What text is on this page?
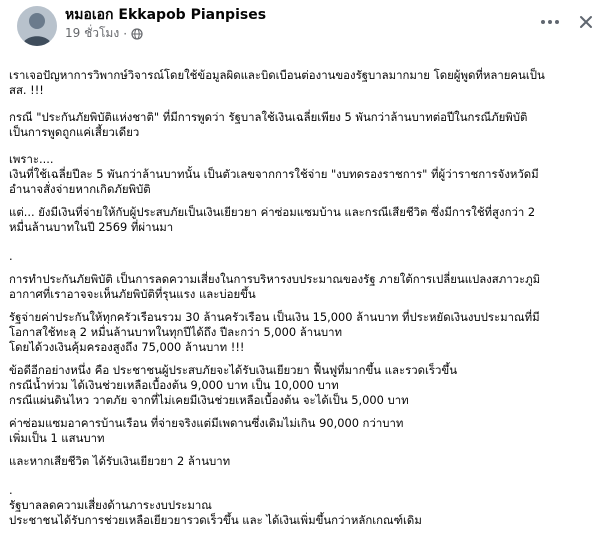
หมอเอก Ekkapob Pianpises
19 ชั่วโมง ·

เราเจอปัญหาการวิพากษ์วิจารณ์โดยใช้ข้อมูลผิดและบิดเบือนต่องานของรัฐบาลมากมาย โดยผู้พูดที่หลายคนเป็น

สส. !!!

กรณี "ประกันภัยพิบัติแห่งชาติ" ที่มีการพูดว่า รัฐบาลใช้เงินเฉลี่ยเพียง 5 พันกว่าล้านบาทต่อปีในกรณีภัยพิบัติ

เป็นการพูดถูกแค่เสี้ยวเดียว

เพราะ....

เงินที่ใช้เฉลี่ยปีละ 5 พันกว่าล้านบาทนั้น เป็นตัวเลขจากการใช้จ่าย "งบทดรองราชการ" ที่ผู้ว่าราชการจังหวัดมี

อำนาจสั่งจ่ายหากเกิดภัยพิบัติ

แต่... ยังมีเงินที่จ่ายให้กับผู้ประสบภัยเป็นเงินเยียวยา ค่าซ่อมแซมบ้าน และกรณีเสียชีวิต ซึ่งมีการใช้ที่สูงกว่า 2

หมื่นล้านบาทในปี 2569 ที่ผ่านมา

.

การทำประกันภัยพิบัติ เป็นการลดความเสี่ยงในการบริหารงบประมาณของรัฐ ภายใต้การเปลี่ยนแปลงสภาวะภูมิ

อากาศที่เราอาจจะเห็นภัยพิบัติที่รุนแรง และบ่อยขึ้น

รัฐจ่ายค่าประกันให้ทุกครัวเรือนรวม 30 ล้านครัวเรือน เป็นเงิน 15,000 ล้านบาท ที่ประหยัดเงินงบประมาณที่มี

โอกาสใช้ทะลุ 2 หมื่นล้านบาทในทุกปีได้ถึง ปีละกว่า 5,000 ล้านบาท

โดยได้วงเงินคุ้มครองสูงถึง 75,000 ล้านบาท !!!

ข้อดีอีกอย่างหนึ่ง คือ ประชาชนผู้ประสบภัยจะได้รับเงินเยียวยา ฟื้นฟูที่มากขึ้น และรวดเร็วขึ้น

กรณีน้ำท่วม ได้เงินช่วยเหลือเบื้องต้น 9,000 บาท เป็น 10,000 บาท

กรณีแผ่นดินไหว วาตภัย จากที่ไม่เคยมีเงินช่วยเหลือเบื้องต้น จะได้เป็น 5,000 บาท

ค่าซ่อมแซมอาคารบ้านเรือน ที่จ่ายจริงแต่มีเพดานซึ่งเดิมไม่เกิน 90,000 กว่าบาท

เพิ่มเป็น 1 แสนบาท

และหากเสียชีวิต ได้รับเงินเยียวยา 2 ล้านบาท

.

รัฐบาลลดความเสี่ยงด้านภาระงบประมาณ

ประชาชนได้รับการช่วยเหลือเยียวยารวดเร็วขึ้น และ ได้เงินเพิ่มขึ้นกว่าหลักเกณฑ์เดิม
